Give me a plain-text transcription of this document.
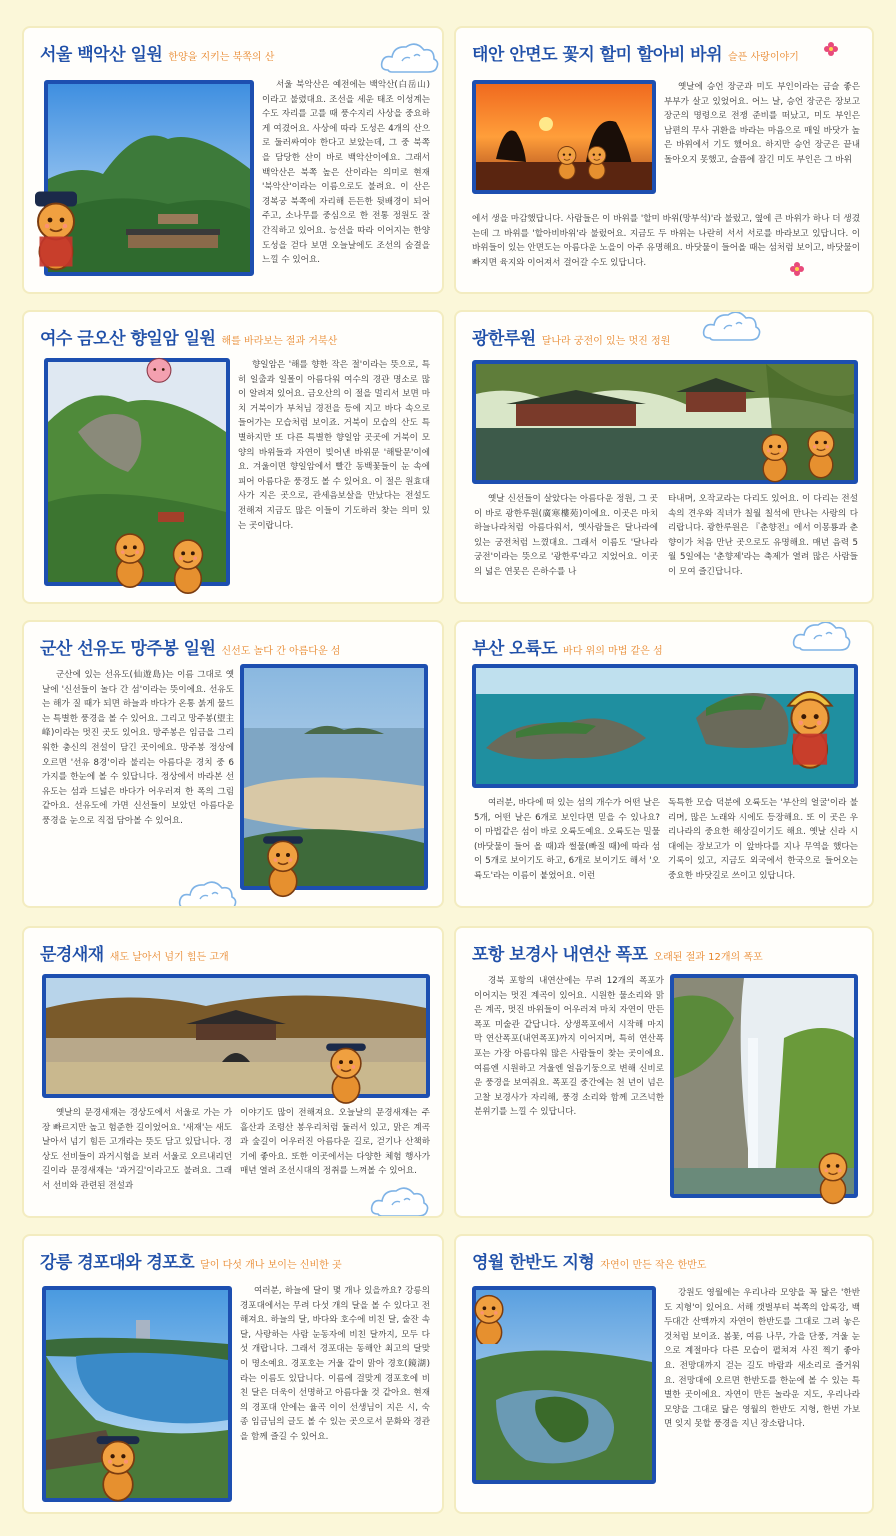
서울 백악산 일원 한양을 지키는 북쪽의 산
서울 북악산은 예전에는 백악산(白岳山)이라고 불렸대요. 조선을 세운 태조 이성계는 수도 자리를 고를 때 풍수지리 사상을 중요하게 여겼어요. 사상에 따라 도성은 4개의 산으로 둘러싸여야 한다고 보았는데, 그 중 북쪽을 담당한 산이 바로 백악산이에요. 그래서 백악산은 북쪽 높은 산이라는 의미로 현재 '북악산'이라는 이름으로도 불려요. 이 산은 경복궁 북쪽에 자리해 든든한 뒷배경이 되어주고, 소나무를 중심으로 한 전통 정원도 잘 간직하고 있어요. 능선을 따라 이어지는 한양도성을 걷다 보면 오늘날에도 조선의 숨결을 느낄 수 있어요.
태안 안면도 꽃지 할미 할아비 바위 슬픈 사랑이야기
옛날에 승언 장군과 미도 부인이라는 금슬 좋은 부부가 살고 있었어요. 어느 날, 승언 장군은 장보고 장군의 명령으로 전쟁 준비를 떠났고, 미도 부인은 남편의 무사 귀환을 바라는 마음으로 매일 바닷가 높은 바위에서 기도 했어요. 하지만 승언 장군은 끝내 돌아오지 못했고, 슬픔에 잠긴 미도 부인은 그 바위
에서 생을 마감했답니다. 사람들은 이 바위를 '할미 바위(망부석)'라 불렀고, 옆에 큰 바위가 하나 더 생겼는데 그 바위를 '할아비바위'라 불렀어요. 지금도 두 바위는 나란히 서서 서로를 바라보고 있답니다. 이 바위들이 있는 안면도는 아름다운 노을이 아주 유명해요. 바닷물이 들어올 때는 섬처럼 보이고, 바닷물이 빠지면 육지와 이어져서 걸어갈 수도 있답니다.
여수 금오산 향일암 일원 해를 바라보는 절과 거북산
향일암은 '해를 향한 작은 절'이라는 뜻으로, 특히 일출과 일몰이 아름다워 여수의 경관 명소로 많이 알려져 있어요. 금오산의 이 절을 멀리서 보면 마치 거북이가 부처님 경전을 등에 지고 바다 속으로 들어가는 모습처럼 보이죠. 거북이 모습의 산도 특별하지만 또 다른 특별한 향일암 곳곳에 거북이 모양의 바위들과 자연이 빚어낸 바위문 '해탈문'이에요. 겨울이면 향일암에서 빨간 동백꽃들이 눈 속에 피어 아름다운 풍경도 볼 수 있어요. 이 절은 원효대사가 지은 곳으로, 관세음보살을 만났다는 전설도 전해져 지금도 많은 이들이 기도하러 찾는 의미 있는 곳이랍니다.
광한루원 달나라 궁전이 있는 멋진 정원
옛날 신선들이 살았다는 아름다운 정원, 그 곳이 바로 광한루원(廣寒樓苑)이에요. 이곳은 마치 하늘나라처럼 아름다워서, 옛사람들은 달나라에 있는 궁전처럼 느꼈대요. 그래서 이름도 '달나라 궁전'이라는 뜻으로 '광한루'라고 지었어요. 이곳의 넓은 연못은 은하수를 나
타내며, 오작교라는 다리도 있어요. 이 다리는 전설 속의 견우와 직녀가 칠월 칠석에 만나는 사랑의 다리랍니다. 광한루원은 『춘향전』에서 이몽룡과 춘향이가 처음 만난 곳으로도 유명해요. 매년 음력 5월 5일에는 '춘향제'라는 축제가 열려 많은 사람들이 모여 즐긴답니다.
군산 선유도 망주봉 일원 신선도 놀다 간 아름다운 섬
군산에 있는 선유도(仙遊島)는 이름 그대로 옛날에 '신선들이 놀다 간 섬'이라는 뜻이에요. 선유도는 해가 질 때가 되면 하늘과 바다가 온통 붉게 물드는 특별한 풍경을 볼 수 있어요. 그리고 망주봉(望主峰)이라는 멋진 곳도 있어요. 망주봉은 임금을 그리워한 충신의 전설이 담긴 곳이에요. 망주봉 정상에 오르면 '선유 8경'이라 불리는 아름다운 경치 중 6가지를 한눈에 볼 수 있답니다. 정상에서 바라본 선유도는 섬과 드넓은 바다가 어우러져 한 폭의 그림 같아요. 선유도에 가면 신선들이 보았던 아름다운 풍경을 눈으로 직접 담아볼 수 있어요.
부산 오륙도 바다 위의 마법 같은 섬
여러분, 바다에 떠 있는 섬의 개수가 어떤 날은 5개, 어떤 날은 6개로 보인다면 믿을 수 있나요? 이 마법같은 섬이 바로 오륙도예요. 오륙도는 밀물(바닷물이 들어 올 때)과 썰물(빠질 때)에 따라 섬이 5개로 보이기도 하고, 6개로 보이기도 해서 '오륙도'라는 이름이 붙었어요. 이런
독특한 모습 덕분에 오륙도는 '부산의 얼굴'이라 불리며, 많은 노래와 시에도 등장해요. 또 이 곳은 우리나라의 중요한 해상길이기도 해요. 옛날 신라 시대에는 장보고가 이 앞바다를 지나 무역을 했다는 기록이 있고, 지금도 외국에서 한국으로 들어오는 중요한 바닷길로 쓰이고 있답니다.
문경새재 새도 날아서 넘기 힘든 고개
옛날의 문경새재는 경상도에서 서울로 가는 가장 빠르지만 높고 험준한 길이었어요. '새재'는 새도 날아서 넘기 힘든 고개라는 뜻도 담고 있답니다. 경상도 선비들이 과거시험을 보러 서울로 오르내리던 길이라 문경새재는 '과거길'이라고도 불려요. 그래서 선비와 관련된 전설과
이야기도 많이 전해져요. 오늘날의 문경새재는 주흘산과 조령산 봉우리처럼 둘러서 있고, 맑은 계곡과 숲길이 어우러진 아름다운 길로, 걷기나 산책하기에 좋아요. 또한 이곳에서는 다양한 체험 행사가 매년 열려 조선시대의 정취를 느껴볼 수 있어요.
포항 보경사 내연산 폭포 오래된 절과 12개의 폭포
경북 포항의 내연산에는 무려 12개의 폭포가 이어지는 멋진 계곡이 있어요. 시원한 물소리와 맑은 계곡, 멋진 바위들이 어우러져 마치 자연이 만든 폭포 미술관 같답니다. 상생폭포에서 시작해 마지막 연산폭포(내연폭포)까지 이어지며, 특히 연산폭포는 가장 아름다워 많은 사람들이 찾는 곳이에요. 여름엔 시원하고 겨울엔 얼음기둥으로 변해 신비로운 풍경을 보여줘요. 폭포길 중간에는 천 년이 넘은 고찰 보경사가 자리해, 풍경 소리와 함께 고즈넉한 분위기를 느낄 수 있답니다.
강릉 경포대와 경포호 달이 다섯 개나 보이는 신비한 곳
여러분, 하늘에 달이 몇 개나 있을까요? 강릉의 경포대에서는 무려 다섯 개의 달을 볼 수 있다고 전해져요. 하늘의 달, 바다와 호수에 비친 달, 술잔 속 달, 사랑하는 사람 눈동자에 비친 달까지, 모두 다섯 개랍니다. 그래서 경포대는 동해안 최고의 달맞이 명소예요. 경포호는 거울 같이 맑아 경호(鏡湖)라는 이름도 있답니다. 이름에 걸맞게 경포호에 비친 달은 더욱이 선명하고 아름다울 것 같아요. 현재의 경포대 안에는 율곡 이이 선생님이 지은 시, 숙종 임금님의 글도 볼 수 있는 곳으로서 문화와 경관을 함께 즐길 수 있어요.
영월 한반도 지형 자연이 만든 작은 한반도
강원도 영월에는 우리나라 모양을 꼭 닮은 '한반도 지형'이 있어요. 서해 갯벌부터 북쪽의 압록강, 백두대간 산맥까지 자연이 한반도를 그대로 그려 놓은 것처럼 보이죠. 봄꽃, 여름 나무, 가을 단풍, 겨울 눈으로 계절마다 다른 모습이 펼쳐져 사진 찍기 좋아요. 전망대까지 걷는 길도 바람과 새소리로 즐거워요. 전망대에 오르면 한반도를 한눈에 볼 수 있는 특별한 곳이에요. 자연이 만든 놀라운 지도, 우리나라 모양을 그대로 닮은 영월의 한반도 지형, 한번 가보면 잊지 못할 풍경을 지닌 장소랍니다.
